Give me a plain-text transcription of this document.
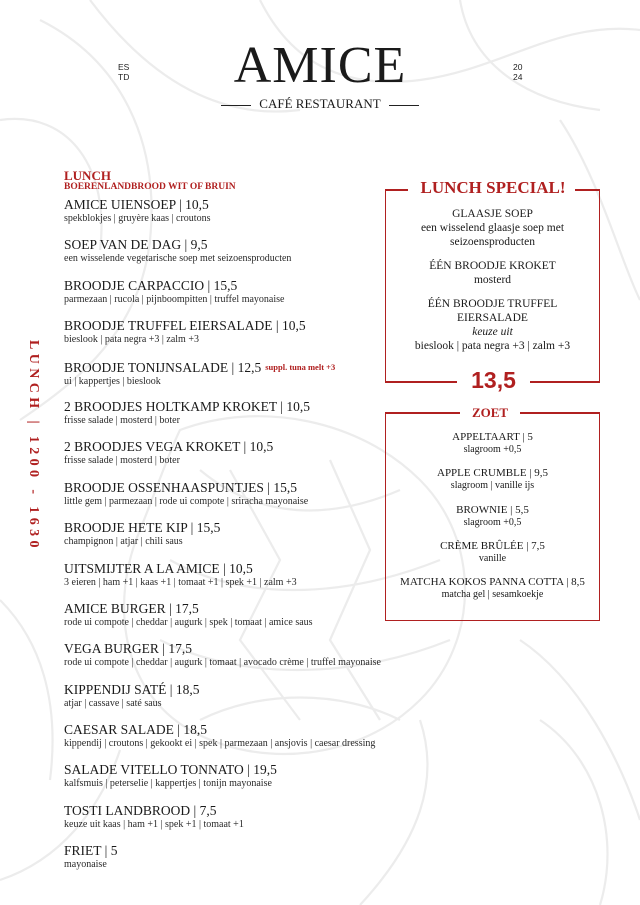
ES
TD	AMICE	20
24
CAFÉ RESTAURANT
LUNCH | 1200 - 1630
LUNCH
BOERENLANDBROOD WIT OF BRUIN
AMICE UIENSOEP | 10,5
spekblokjes | gruyère kaas | croutons
SOEP VAN DE DAG | 9,5
een wisselende vegetarische soep met seizoensproducten
BROODJE CARPACCIO | 15,5
parmezaan | rucola | pijnboompitten | truffel mayonaise
BROODJE TRUFFEL EIERSALADE | 10,5
bieslook | pata negra +3 | zalm +3
BROODJE TONIJNSALADE | 12,5 suppl. tuna melt +3
ui | kappertjes | bieslook
2 BROODJES HOLTKAMP KROKET | 10,5
frisse salade | mosterd | boter
2 BROODJES VEGA KROKET | 10,5
frisse salade | mosterd | boter
BROODJE OSSENHAASPUNTJES | 15,5
little gem | parmezaan | rode ui compote | sriracha mayonaise
BROODJE HETE KIP | 15,5
champignon | atjar | chili saus
UITSMIJTER A LA AMICE | 10,5
3 eieren | ham +1 | kaas +1 | tomaat +1 | spek +1 | zalm +3
AMICE BURGER | 17,5
rode ui compote | cheddar | augurk | spek | tomaat | amice saus
VEGA BURGER | 17,5
rode ui compote | cheddar | augurk | tomaat | avocado crème | truffel mayonaise
KIPPENDIJ SATÉ | 18,5
atjar | cassave | saté saus
CAESAR SALADE | 18,5
kippendij | croutons | gekookt ei | spek | parmezaan | ansjovis | caesar dressing
SALADE VITELLO TONNATO | 19,5
kalfsmuis | peterselie | kappertjes | tonijn mayonaise
TOSTI LANDBROOD | 7,5
keuze uit kaas | ham +1 | spek +1 | tomaat +1
FRIET | 5
mayonaise
LUNCH SPECIAL!
GLAASJE SOEP
een wisselend glaasje soep met
seizoensproducten
ÉÉN BROODJE KROKET
mosterd
ÉÉN BROODJE TRUFFEL
EIERSALADE
keuze uit
bieslook | pata negra +3 | zalm +3
13,5
ZOET
APPELTAART | 5
slagroom +0,5
APPLE CRUMBLE | 9,5
slagroom | vanille ijs
BROWNIE | 5,5
slagroom +0,5
CRÈME BRÛLÉE | 7,5
vanille
MATCHA KOKOS PANNA COTTA | 8,5
matcha gel | sesamkoekje
